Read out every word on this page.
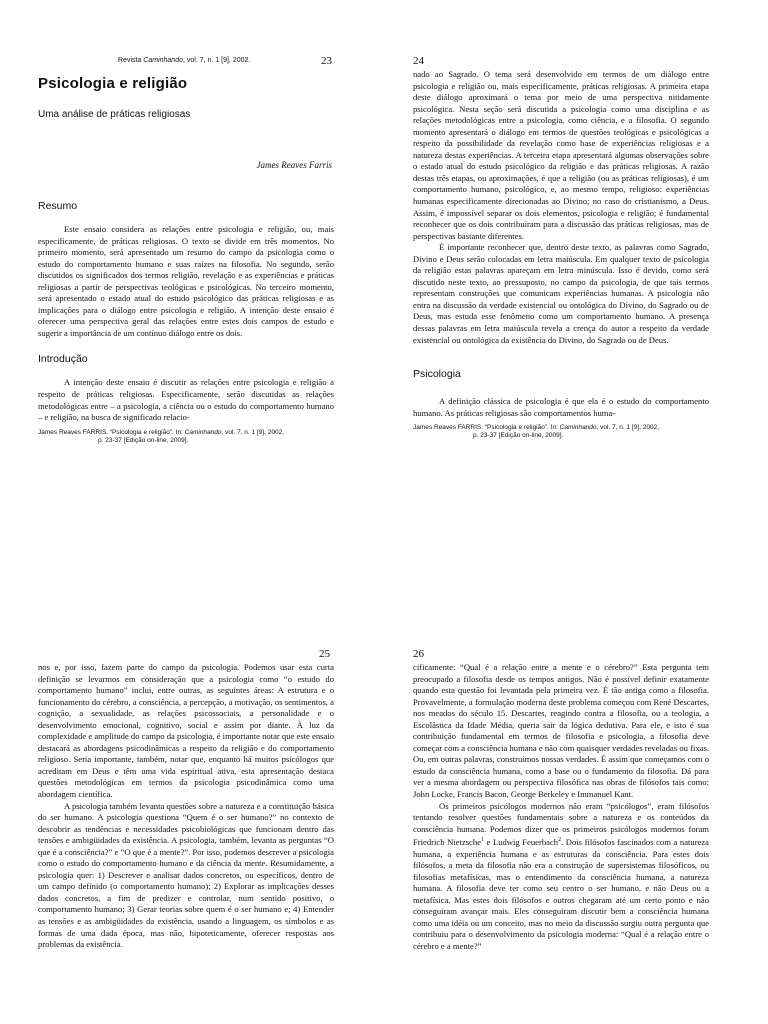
Revista Caminhando, vol. 7, n. 1 [9], 2002.	23
Psicologia e religião
Uma análise de práticas religiosas
James Reaves Farris
Resumo

Este ensaio considera as relações entre psicologia e religião, ou, mais especificamente, de práticas religiosas. O texto se divide em três momentos. No primeiro momento, será apresentado um resumo do campo da psicologia como o estudo do comportamento humano e suas raízes na filosofia. No segundo, serão discutidos os significados dos termos religião, revelação e as experiências e práticas religiosas a partir de perspectivas teológicas e psicológicas. No terceiro momento, será apresentado o estado atual do estudo psicológico das práticas religiosas e as implicações para o diálogo entre psicologia e religião. A intenção deste ensaio é oferecer uma perspectiva geral das relações entre estes dois campos de estudo e sugerir a importância de um contínuo diálogo entre os dois.

Introdução

A intenção deste ensaio é discutir as relações entre psicologia e religião a respeito de práticas religiosas. Especificamente, serão discutidas as relações metodológicas entre – a psicologia, a ciência ou o estudo do comportamento humano – e religião, na busca de significado relacio-

James Reaves FARRIS. “Psicologia e religião”. In: Caminhando, vol. 7, n. 1 [9], 2002,
p. 23-37 [Edição on-line, 2009].
24

nado ao Sagrado. O tema será desenvolvido em termos de um diálogo entre psicologia e religião ou, mais especificamente, práticas religiosas. A primeira etapa deste diálogo aproximará o tema por meio de uma perspectiva nitidamente psicológica. Nesta seção será discutida a psicologia como uma disciplina e as relações metodológicas entre a psicologia, como ciência, e a filosofia. O segundo momento apresentará o diálogo em termos de questões teológicas e psicológicas a respeito da possibilidade da revelação como base de experiências religiosas e a natureza destas experiências. A terceira etapa apresentará algumas observações sobre o estado atual do estudo psicológico da religião e das práticas religiosas. A razão destas três etapas, ou aproximações, é que a religião (ou as práticas religiosas), é um comportamento humano, psicológico, e, ao mesmo tempo, religioso: experiências humanas especificamente direcionadas ao Divino; no caso do cristianismo, a Deus. Assim, é impossível separar os dois elementos, psicologia e religião; é fundamental reconhecer que os dois contribuíram para a discussão das práticas religiosas, mas de perspectivas bastante diferentes.

É importante reconhecer que, dentro deste texto, as palavras como Sagrado, Divino e Deus serão colocadas em letra maiúscula. Em qualquer texto de psicologia da religião estas palavras apareçam em letra minúscula. Isso é devido, como será discutido neste texto, ao pressuposto, no campo da psicologia, de que tais termos representam construções que comunicam experiências humanas. A psicologia não entra na discussão da verdade existencial ou ontológica do Divino, do Sagrado ou de Deus, mas estuda esse fenômeno como um comportamento humano. A presença dessas palavras em letra maiúscula revela a crença do autor a respeito da verdade existencial ou ontológica da existência do Divino, do Sagrado ou de Deus.

Psicologia

A definição clássica de psicologia é que ela é o estudo do comportamento humano. As práticas religiosas são comportamentos huma-

James Reaves FARRIS. “Psicologia e religião”. In: Caminhando, vol. 7, n. 1 [9], 2002,
p. 23-37 [Edição on-line, 2009].
25

nos e, por isso, fazem parte do campo da psicologia. Podemos usar esta curta definição se levarmos em consideração que a psicologia como “o estudo do comportamento humano” inclui, entre outras, as seguintes áreas: A estrutura e o funcionamento do cérebro, a consciência, a percepção, a motivação, os sentimentos, a cognição, a sexualidade, as relações psicossociais, a personalidade e o desenvolvimento emocional, cognitivo, social e assim por diante. À luz da complexidade e amplitude do campo da psicologia, é importante notar que este ensaio destacará as abordagens psicodinâmicas a respeito da religião e do comportamento religioso. Seria importante, também, notar que, enquanto há muitos psicólogos que acreditam em Deus e têm uma vida espiritual ativa, esta apresentação destaca questões metodológicas em termos da psicologia psicodinâmica como uma abordagem científica.

A psicologia também levanta questões sobre a natureza e a constituição básica do ser humano. A psicologia questiona “Quem é o ser humano?” no contexto de descobrir as tendências e necessidades psicobiológicas que funcionam dentro das tensões e ambigüidades da existência. A psicologia, também, levanta as perguntas “O que é a consciência?” e “O que é a mente?”. Por isso, podemos descrever a psicologia como o estudo do comportamento humano e da ciência da mente. Resumidamente, a psicologia quer: 1) Descrever e analisar dados concretos, ou específicos, dentro de um campo definido (o comportamento humano); 2) Explorar as implicações desses dados concretos, a fim de predizer e controlar, num sentido positivo, o comportamento humano; 3) Gerar teorias sobre quem é o ser humano e; 4) Entender as tensões e as ambigüidades da existência, usando a linguagem, os símbolos e as formas de uma dada época, mas não, hipoteticamente, oferecer respostas aos problemas da existência.

26

cificamente: “Qual é a relação entre a mente e o cérebro?” Esta pergunta tem preocupado a filosofia desde os tempos antigos. Não é possível definir exatamente quando esta questão foi levantada pela primeira vez. É tão antiga como a filosofia. Provavelmente, a formulação moderna deste problema começou com René Descartes, nos meados do século 15. Descartes, reagindo contra a filosofia, ou a teologia, a Escolástica da Idade Média, queria sair da lógica dedutiva. Para ele, e isto é sua contribuição fundamental em termos de filosofia e psicologia, a filosofia deve começar com a consciência humana e não com quaisquer verdades reveladas ou fixas. Ou, em outras palavras, construímos nossas verdades. É assim que começamos com o estudo da consciência humana, como a base ou o fundamento da filosofia. Dá para ver a mesma abordagem ou perspectiva filosófica nas obras de filósofos tais como: John Locke, Francis Bacon, George Berkeley e Immanuel Kant.

Os primeiros psicólogos modernos não eram “psicólogos”, eram filósofos tentando resolver questões fundamentais sobre a natureza e os conteúdos da consciência humana. Podemos dizer que os primeiros psicólogos modernos foram Friedrich Nietzsche$^1$ e Ludwig Feuerbach$^2$. Dois filósofos fascinados com a natureza humana, a experiência humana e as estruturas da consciência. Para estes dois filósofos, a meta da filosofia não era a construção de supersistemas filosóficos, ou filosofias metafísicas, mas o entendimento da consciência humana, a natureza humana. A filosofia deve ter como seu centro o ser humano, e não Deus ou a metafísica. Mas estes dois filósofos e outros chegaram até um certo ponto e não conseguiram avançar mais. Eles conseguiram discutir bem a consciência humana como uma idéia ou um conceito, mas no meio da discussão surgiu outra pergunta que contribuiu para o desenvolvimento da psicologia moderna: “Qual é a relação entre o cérebro e a mente?”
